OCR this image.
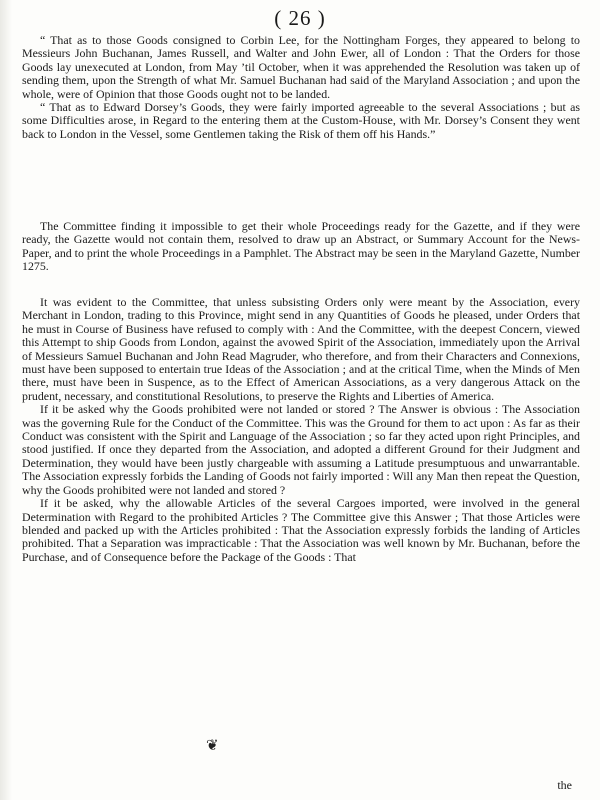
( 26 )

“ That as to those Goods consigned to Corbin Lee, for the Nottingham Forges, they appeared to belong to Messieurs John Buchanan, James Russell, and Walter and John Ewer, all of London : That the Orders for those Goods lay unexecuted at London, from May ’til October, when it was apprehended the Resolution was taken up of sending them, upon the Strength of what Mr. Samuel Buchanan had said of the Maryland Association ; and upon the whole, were of Opinion that those Goods ought not to be landed.

“ That as to Edward Dorsey’s Goods, they were fairly imported agreeable to the several Associations ; but as some Difficulties arose, in Regard to the entering them at the Custom-House, with Mr. Dorsey’s Consent they went back to London in the Vessel, some Gentlemen taking the Risk of them off his Hands.”

The Committee finding it impossible to get their whole Proceedings ready for the Gazette, and if they were ready, the Gazette would not contain them, resolved to draw up an Abstract, or Summary Account for the News-Paper, and to print the whole Proceedings in a Pamphlet. The Abstract may be seen in the Maryland Gazette, Number 1275.

It was evident to the Committee, that unless subsisting Orders only were meant by the Association, every Merchant in London, trading to this Province, might send in any Quantities of Goods he pleased, under Orders that he must in Course of Business have refused to comply with : And the Committee, with the deepest Concern, viewed this Attempt to ship Goods from London, against the avowed Spirit of the Association, immediately upon the Arrival of Messieurs Samuel Buchanan and John Read Magruder, who therefore, and from their Characters and Connexions, must have been supposed to entertain true Ideas of the Association ; and at the critical Time, when the Minds of Men there, must have been in Suspence, as to the Effect of American Associations, as a very dangerous Attack on the prudent, necessary, and constitutional Resolutions, to preserve the Rights and Liberties of America.

If it be asked why the Goods prohibited were not landed or stored ? The Answer is obvious : The Association was the governing Rule for the Conduct of the Committee. This was the Ground for them to act upon : As far as their Conduct was consistent with the Spirit and Language of the Association ; so far they acted upon right Principles, and stood justified. If once they departed from the Association, and adopted a different Ground for their Judgment and Determination, they would have been justly chargeable with assuming a Latitude presumptuous and unwarrantable. The Association expressly forbids the Landing of Goods not fairly imported : Will any Man then repeat the Question, why the Goods prohibited were not landed and stored ?

If it be asked, why the allowable Articles of the several Cargoes imported, were involved in the general Determination with Regard to the prohibited Articles ? The Committee give this Answer ; That those Articles were blended and packed up with the Articles prohibited : That the Association expressly forbids the landing of Articles prohibited. That a Separation was impracticable : That the Association was well known by Mr. Buchanan, before the Purchase, and of Consequence before the Package of the Goods : That

❦
the
